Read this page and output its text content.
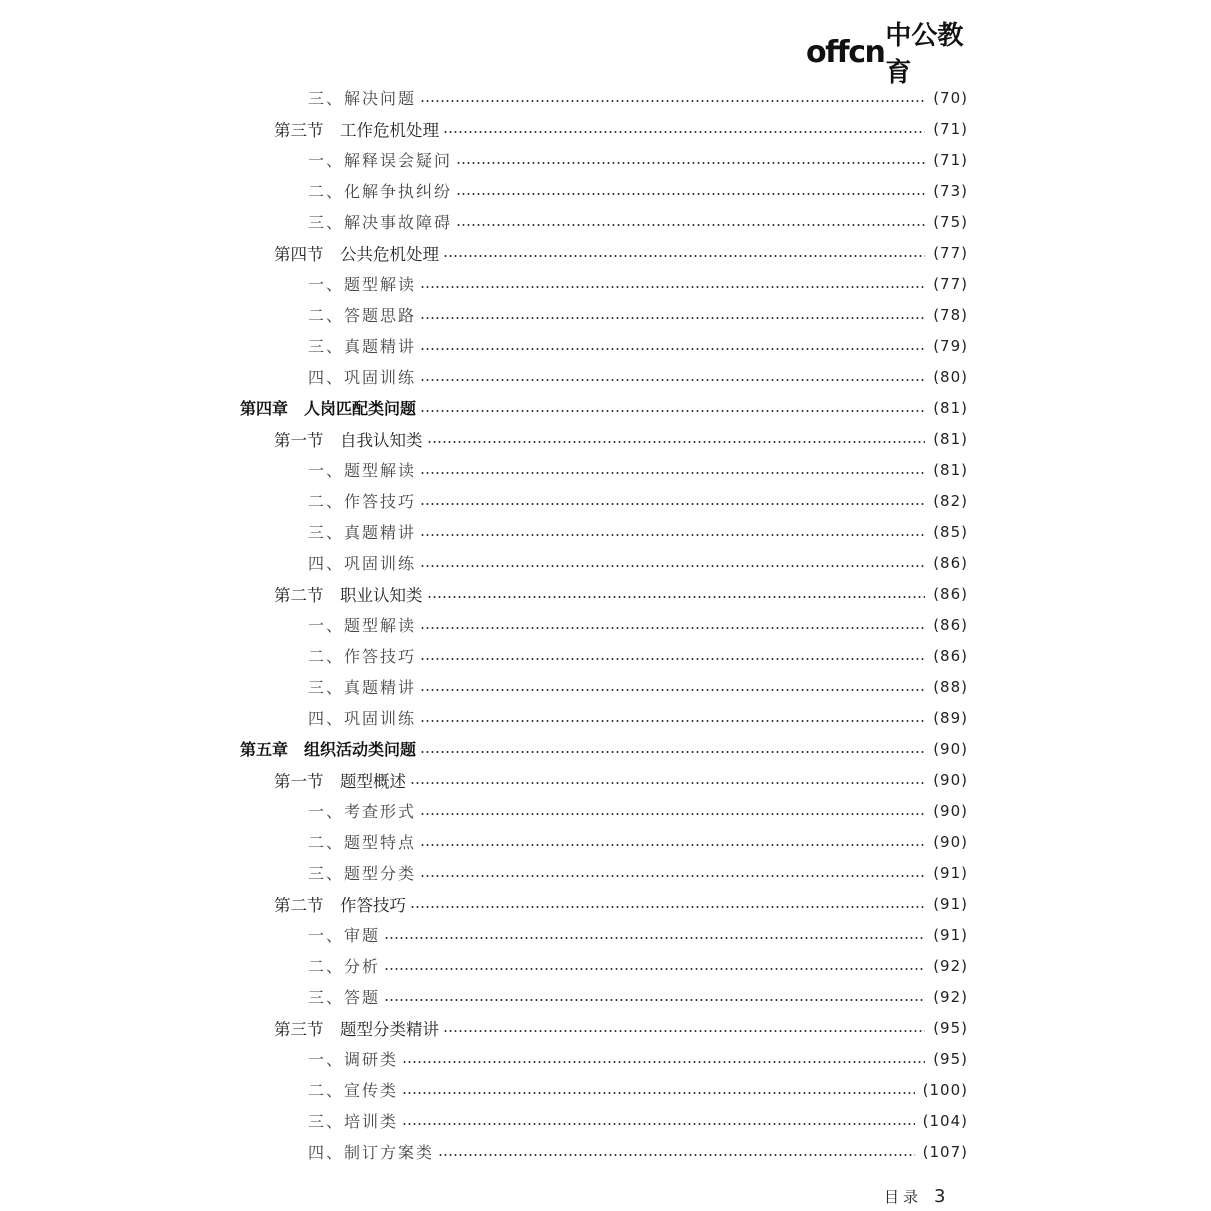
offcn 中公教育
三、解决问题	(70)
第三节　工作危机处理	(71)
一、解释误会疑问	(71)
二、化解争执纠纷	(73)
三、解决事故障碍	(75)
第四节　公共危机处理	(77)
一、题型解读	(77)
二、答题思路	(78)
三、真题精讲	(79)
四、巩固训练	(80)
第四章　人岗匹配类问题	(81)
第一节　自我认知类	(81)
一、题型解读	(81)
二、作答技巧	(82)
三、真题精讲	(85)
四、巩固训练	(86)
第二节　职业认知类	(86)
一、题型解读	(86)
二、作答技巧	(86)
三、真题精讲	(88)
四、巩固训练	(89)
第五章　组织活动类问题	(90)
第一节　题型概述	(90)
一、考查形式	(90)
二、题型特点	(90)
三、题型分类	(91)
第二节　作答技巧	(91)
一、审题	(91)
二、分析	(92)
三、答题	(92)
第三节　题型分类精讲	(95)
一、调研类	(95)
二、宣传类	(100)
三、培训类	(104)
四、制订方案类	(107)
目录 3
